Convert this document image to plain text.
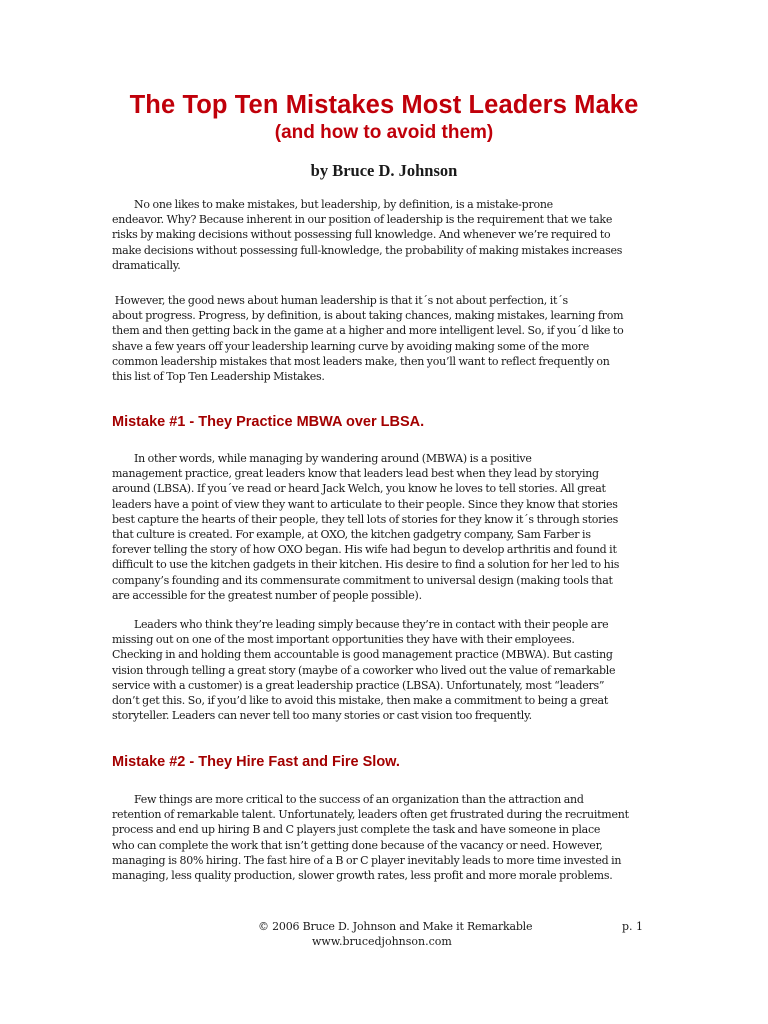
The Top Ten Mistakes Most Leaders Make
(and how to avoid them)
by Bruce D. Johnson
No one likes to make mistakes, but leadership, by definition, is a mistake-prone
endeavor. Why? Because inherent in our position of leadership is the requirement that we take
risks by making decisions without possessing full knowledge. And whenever we’re required to
make decisions without possessing full-knowledge, the probability of making mistakes increases
dramatically.
However, the good news about human leadership is that it´s not about perfection, it´s
about progress. Progress, by definition, is about taking chances, making mistakes, learning from
them and then getting back in the game at a higher and more intelligent level. So, if you´d like to
shave a few years off your leadership learning curve by avoiding making some of the more
common leadership mistakes that most leaders make, then you’ll want to reflect frequently on
this list of Top Ten Leadership Mistakes.
Mistake #1 - They Practice MBWA over LBSA.
In other words, while managing by wandering around (MBWA) is a positive
management practice, great leaders know that leaders lead best when they lead by storying
around (LBSA). If you´ve read or heard Jack Welch, you know he loves to tell stories. All great
leaders have a point of view they want to articulate to their people. Since they know that stories
best capture the hearts of their people, they tell lots of stories for they know it´s through stories
that culture is created. For example, at OXO, the kitchen gadgetry company, Sam Farber is
forever telling the story of how OXO began. His wife had begun to develop arthritis and found it
difficult to use the kitchen gadgets in their kitchen. His desire to find a solution for her led to his
company’s founding and its commensurate commitment to universal design (making tools that
are accessible for the greatest number of people possible).
Leaders who think they’re leading simply because they’re in contact with their people are
missing out on one of the most important opportunities they have with their employees.
Checking in and holding them accountable is good management practice (MBWA). But casting
vision through telling a great story (maybe of a coworker who lived out the value of remarkable
service with a customer) is a great leadership practice (LBSA). Unfortunately, most “leaders”
don’t get this. So, if you’d like to avoid this mistake, then make a commitment to being a great
storyteller. Leaders can never tell too many stories or cast vision too frequently.
Mistake #2 - They Hire Fast and Fire Slow.
Few things are more critical to the success of an organization than the attraction and
retention of remarkable talent. Unfortunately, leaders often get frustrated during the recruitment
process and end up hiring B and C players just complete the task and have someone in place
who can complete the work that isn’t getting done because of the vacancy or need. However,
managing is 80% hiring. The fast hire of a B or C player inevitably leads to more time invested in
managing, less quality production, slower growth rates, less profit and more morale problems.
© 2006 Bruce D. Johnson and Make it Remarkable	p. 1
www.brucedjohnson.com
